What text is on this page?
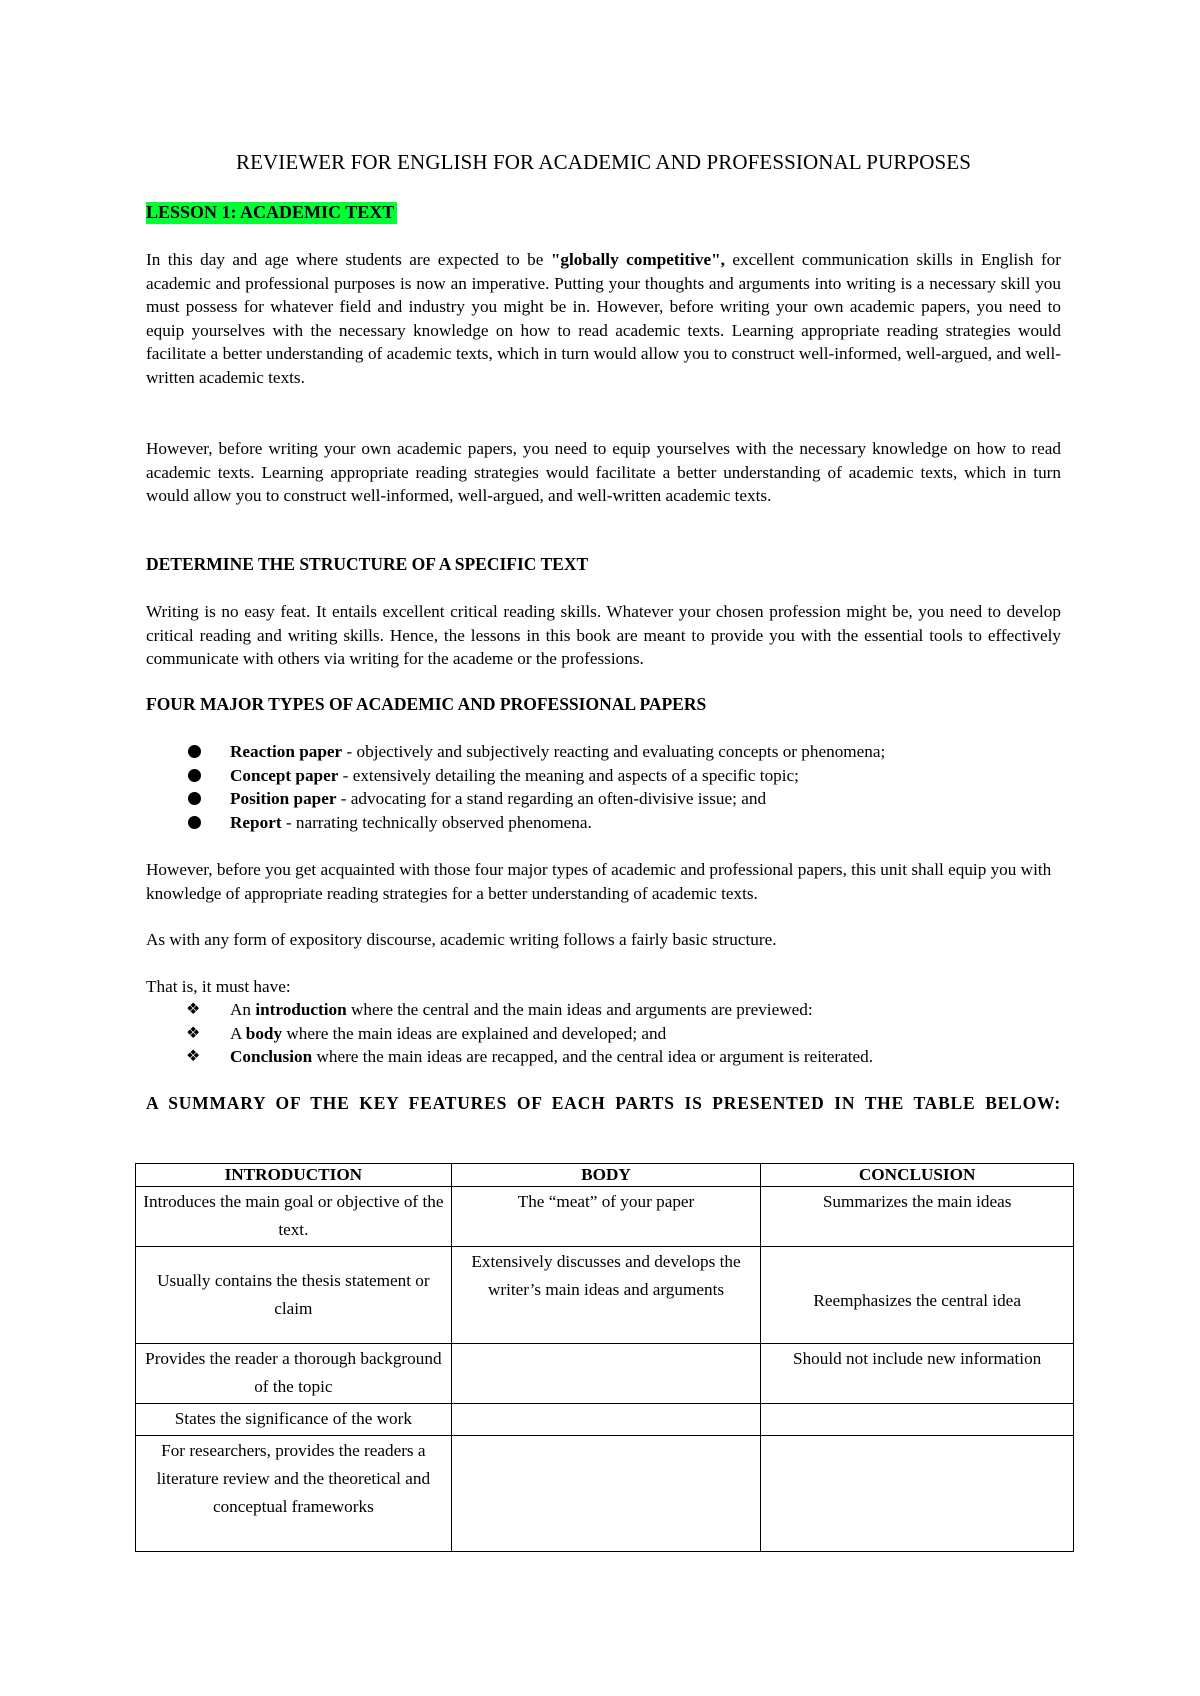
REVIEWER FOR ENGLISH FOR ACADEMIC AND PROFESSIONAL PURPOSES
LESSON 1: ACADEMIC TEXT
In this day and age where students are expected to be "globally competitive", excellent communication skills in English for academic and professional purposes is now an imperative. Putting your thoughts and arguments into writing is a necessary skill you must possess for whatever field and industry you might be in. However, before writing your own academic papers, you need to equip yourselves with the necessary knowledge on how to read academic texts. Learning appropriate reading strategies would facilitate a better understanding of academic texts, which in turn would allow you to construct well-informed, well-argued, and well-written academic texts.
However, before writing your own academic papers, you need to equip yourselves with the necessary knowledge on how to read academic texts. Learning appropriate reading strategies would facilitate a better understanding of academic texts, which in turn would allow you to construct well-informed, well-argued, and well-written academic texts.
DETERMINE THE STRUCTURE OF A SPECIFIC TEXT
Writing is no easy feat. It entails excellent critical reading skills. Whatever your chosen profession might be, you need to develop critical reading and writing skills. Hence, the lessons in this book are meant to provide you with the essential tools to effectively communicate with others via writing for the academe or the professions.
FOUR MAJOR TYPES OF ACADEMIC AND PROFESSIONAL PAPERS
Reaction paper - objectively and subjectively reacting and evaluating concepts or phenomena;
Concept paper - extensively detailing the meaning and aspects of a specific topic;
Position paper - advocating for a stand regarding an often-divisive issue; and
Report - narrating technically observed phenomena.
However, before you get acquainted with those four major types of academic and professional papers, this unit shall equip you with knowledge of appropriate reading strategies for a better understanding of academic texts.
As with any form of expository discourse, academic writing follows a fairly basic structure.
That is, it must have:
❖ An introduction where the central and the main ideas and arguments are previewed:
❖ A body where the main ideas are explained and developed; and
❖ Conclusion where the main ideas are recapped, and the central idea or argument is reiterated.
A SUMMARY OF THE KEY FEATURES OF EACH PARTS IS PRESENTED IN THE TABLE BELOW:
INTRODUCTION	BODY	CONCLUSION
Introduces the main goal or objective of the text.	The “meat” of your paper	Summarizes the main ideas
Usually contains the thesis statement or claim	Extensively discusses and develops the writer’s main ideas and arguments	Reemphasizes the central idea
Provides the reader a thorough background of the topic		Should not include new information
States the significance of the work		
For researchers, provides the readers a literature review and the theoretical and conceptual frameworks		
